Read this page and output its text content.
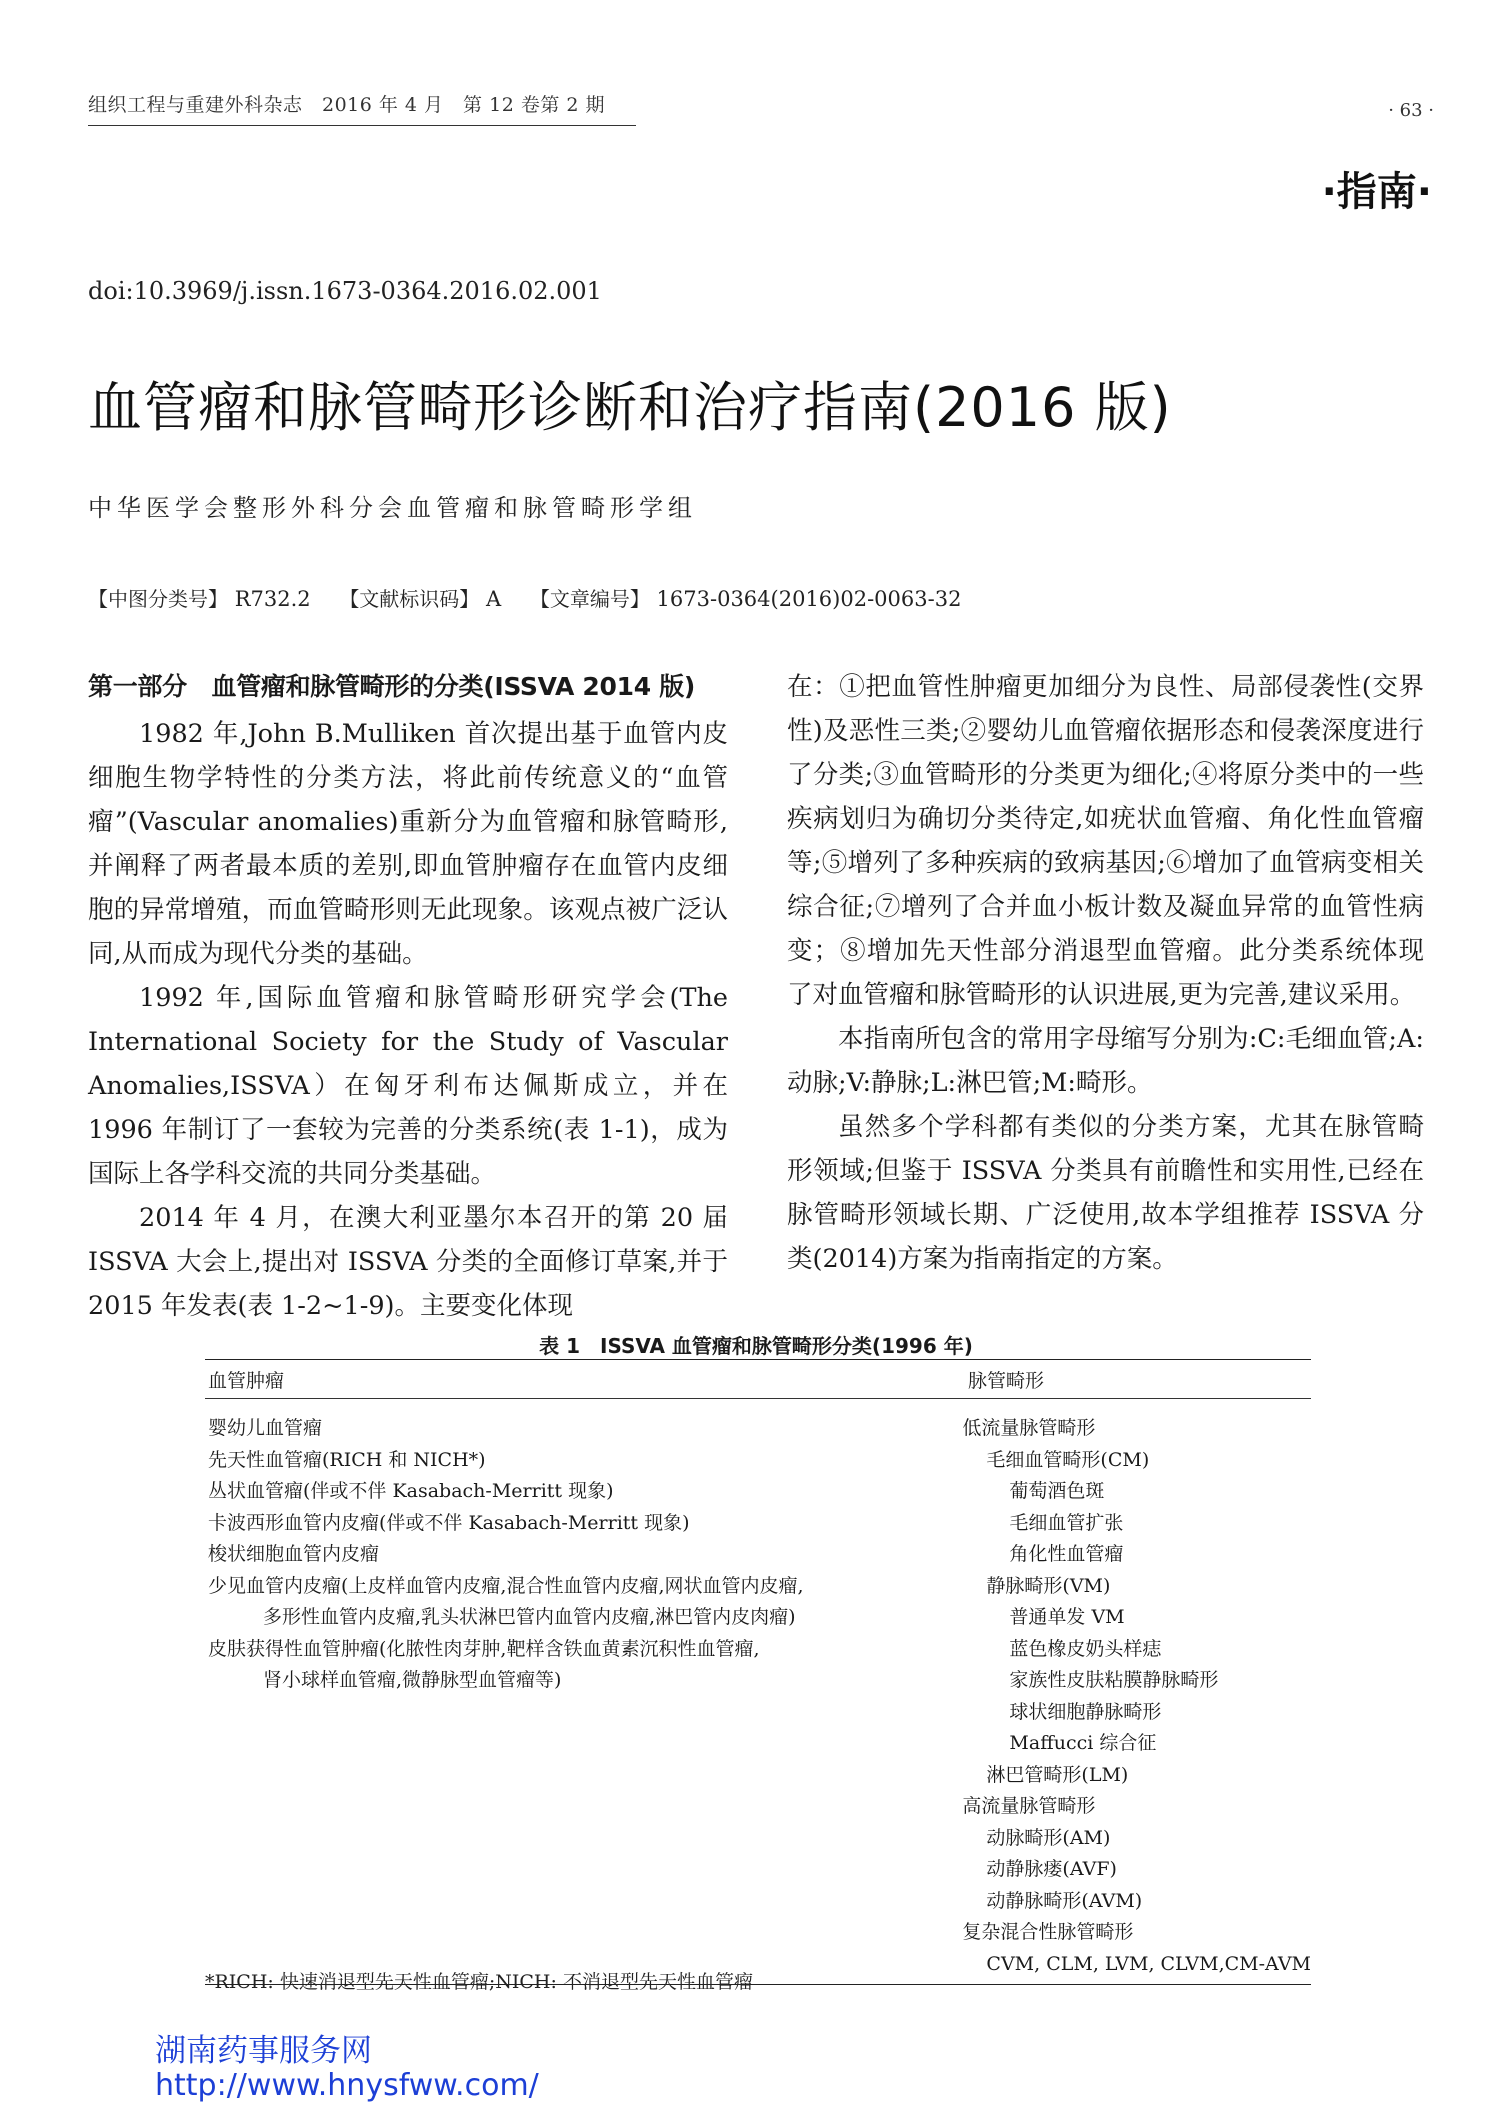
组织工程与重建外科杂志　2016 年 4 月　第 12 卷第 2 期	· 63 ·
·指南·
doi:10.3969/j.issn.1673-0364.2016.02.001
血管瘤和脉管畸形诊断和治疗指南(2016 版)
中华医学会整形外科分会血管瘤和脉管畸形学组
【中图分类号】 R732.2 【文献标识码】 A 【文章编号】 1673-0364(2016)02-0063-32
第一部分　血管瘤和脉管畸形的分类(ISSVA 2014 版)

1982 年,John B.Mulliken 首次提出基于血管内皮细胞生物学特性的分类方法，将此前传统意义的“血管瘤”(Vascular anomalies)重新分为血管瘤和脉管畸形,并阐释了两者最本质的差别,即血管肿瘤存在血管内皮细胞的异常增殖，而血管畸形则无此现象。该观点被广泛认同,从而成为现代分类的基础。

1992 年,国际血管瘤和脉管畸形研究学会(The International Society for the Study of Vascular Anomalies,ISSVA）在匈牙利布达佩斯成立，并在 1996 年制订了一套较为完善的分类系统(表 1-1)，成为国际上各学科交流的共同分类基础。

2014 年 4 月，在澳大利亚墨尔本召开的第 20 届 ISSVA 大会上,提出对 ISSVA 分类的全面修订草案,并于 2015 年发表(表 1-2~1-9)。主要变化体现

在：①把血管性肿瘤更加细分为良性、局部侵袭性(交界性)及恶性三类;②婴幼儿血管瘤依据形态和侵袭深度进行了分类;③血管畸形的分类更为细化;④将原分类中的一些疾病划归为确切分类待定,如疣状血管瘤、角化性血管瘤等;⑤增列了多种疾病的致病基因;⑥增加了血管病变相关综合征;⑦增列了合并血小板计数及凝血异常的血管性病变；⑧增加先天性部分消退型血管瘤。此分类系统体现了对血管瘤和脉管畸形的认识进展,更为完善,建议采用。

本指南所包含的常用字母缩写分别为:C:毛细血管;A:动脉;V:静脉;L:淋巴管;M:畸形。

虽然多个学科都有类似的分类方案，尤其在脉管畸形领域;但鉴于 ISSVA 分类具有前瞻性和实用性,已经在脉管畸形领域长期、广泛使用,故本学组推荐 ISSVA 分类(2014)方案为指南指定的方案。

表 1　ISSVA 血管瘤和脉管畸形分类(1996 年)
血管肿瘤	脉管畸形
婴幼儿血管瘤
先天性血管瘤(RICH 和 NICH*)
丛状血管瘤(伴或不伴 Kasabach-Merritt 现象)
卡波西形血管内皮瘤(伴或不伴 Kasabach-Merritt 现象)
梭状细胞血管内皮瘤
少见血管内皮瘤(上皮样血管内皮瘤,混合性血管内皮瘤,网状血管内皮瘤,
多形性血管内皮瘤,乳头状淋巴管内血管内皮瘤,淋巴管内皮肉瘤)
皮肤获得性血管肿瘤(化脓性肉芽肿,靶样含铁血黄素沉积性血管瘤,
肾小球样血管瘤,微静脉型血管瘤等)
低流量脉管畸形
毛细血管畸形(CM)
葡萄酒色斑
毛细血管扩张
角化性血管瘤
静脉畸形(VM)
普通单发 VM
蓝色橡皮奶头样痣
家族性皮肤粘膜静脉畸形
球状细胞静脉畸形
Maffucci 综合征
淋巴管畸形(LM)
高流量脉管畸形
动脉畸形(AM)
动静脉瘘(AVF)
动静脉畸形(AVM)
复杂混合性脉管畸形
CVM, CLM, LVM, CLVM,CM-AVM
*RICH: 快速消退型先天性血管瘤;NICH: 不消退型先天性血管瘤
湖南药事服务网
http://www.hnysfww.com/
